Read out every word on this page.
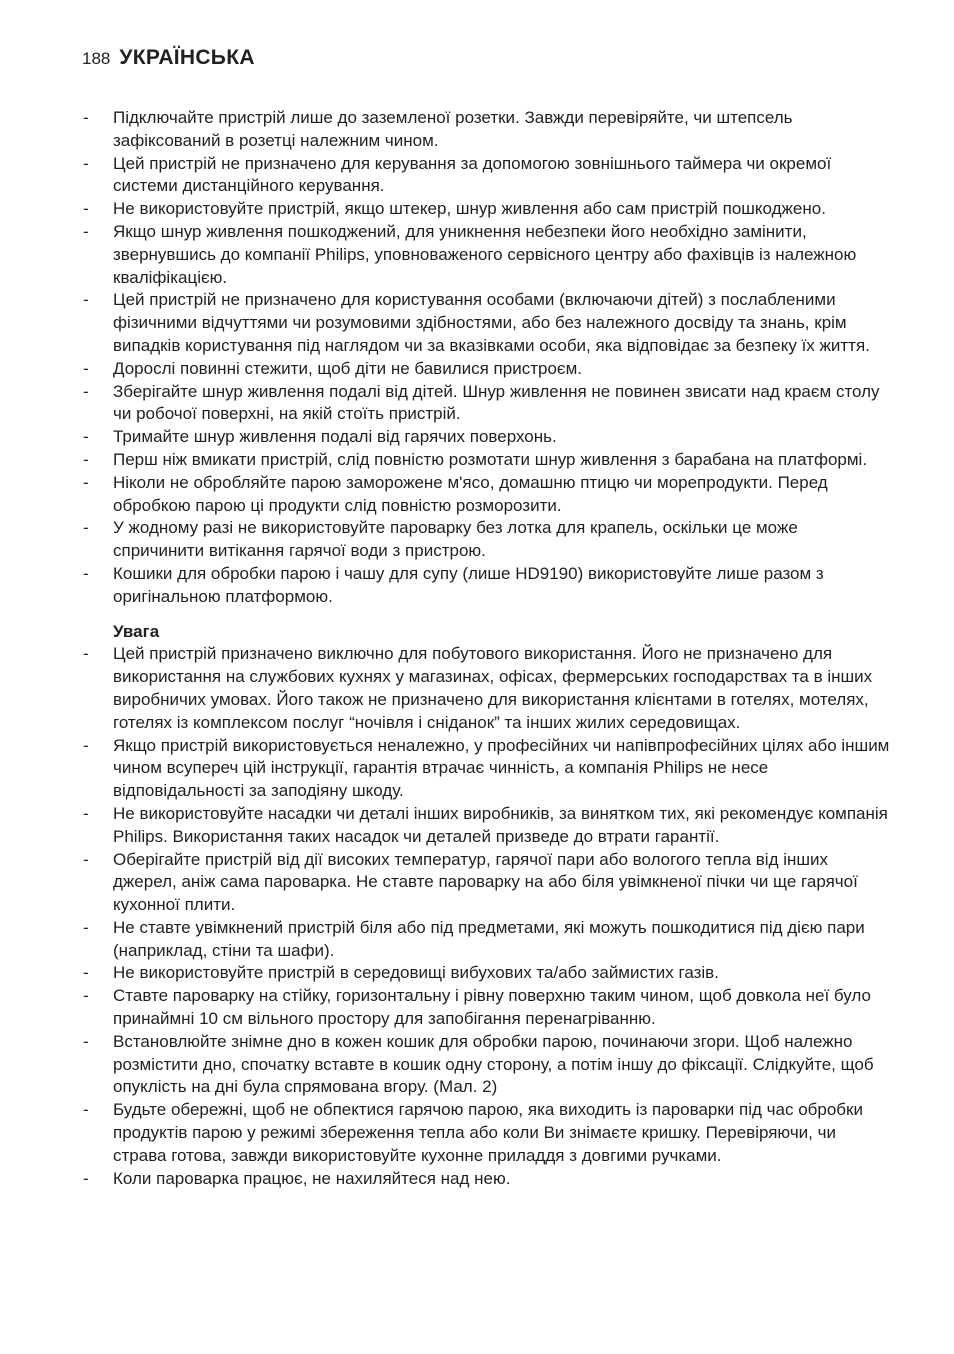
188 УКРАЇНСЬКА
- Підключайте пристрій лише до заземленої розетки. Завжди перевіряйте, чи штепсель зафіксований в розетці належним чином.
- Цей пристрій не призначено для керування за допомогою зовнішнього таймера чи окремої системи дистанційного керування.
- Не використовуйте пристрій, якщо штекер, шнур живлення або сам пристрій пошкоджено.
- Якщо шнур живлення пошкоджений, для уникнення небезпеки його необхідно замінити, звернувшись до компанії Philips, уповноваженого сервісного центру або фахівців із належною кваліфікацією.
- Цей пристрій не призначено для користування особами (включаючи дітей) з послабленими фізичними відчуттями чи розумовими здібностями, або без належного досвіду та знань, крім випадків користування під наглядом чи за вказівками особи, яка відповідає за безпеку їх життя.
- Дорослі повинні стежити, щоб діти не бавилися пристроєм.
- Зберігайте шнур живлення подалі від дітей. Шнур живлення не повинен звисати над краєм столу чи робочої поверхні, на якій стоїть пристрій.
- Тримайте шнур живлення подалі від гарячих поверхонь.
- Перш ніж вмикати пристрій, слід повністю розмотати шнур живлення з барабана на платформі.
- Ніколи не обробляйте парою заморожене м'ясо, домашню птицю чи морепродукти. Перед обробкою парою ці продукти слід повністю розморозити.
- У жодному разі не використовуйте пароварку без лотка для крапель, оскільки це може спричинити витікання гарячої води з пристрою.
- Кошики для обробки парою і чашу для супу (лише HD9190) використовуйте лише разом з оригінальною платформою.
Увага
- Цей пристрій призначено виключно для побутового використання. Його не призначено для використання на службових кухнях у магазинах, офісах, фермерських господарствах та в інших виробничих умовах. Його також не призначено для використання клієнтами в готелях, мотелях, готелях із комплексом послуг “ночівля і сніданок” та інших жилих середовищах.
- Якщо пристрій використовується неналежно, у професійних чи напівпрофесійних цілях або іншим чином всупереч цій інструкції, гарантія втрачає чинність, а компанія Philips не несе відповідальності за заподіяну шкоду.
- Не використовуйте насадки чи деталі інших виробників, за винятком тих, які рекомендує компанія Philips. Використання таких насадок чи деталей призведе до втрати гарантії.
- Оберігайте пристрій від дії високих температур, гарячої пари або вологого тепла від інших джерел, аніж сама пароварка. Не ставте пароварку на або біля увімкненої пічки чи ще гарячої кухонної плити.
- Не ставте увімкнений пристрій біля або під предметами, які можуть пошкодитися під дією пари (наприклад, стіни та шафи).
- Не використовуйте пристрій в середовищі вибухових та/або займистих газів.
- Ставте пароварку на стійку, горизонтальну і рівну поверхню таким чином, щоб довкола неї було принаймні 10 см вільного простору для запобігання перенагріванню.
- Встановлюйте знімне дно в кожен кошик для обробки парою, починаючи згори. Щоб належно розмістити дно, спочатку вставте в кошик одну сторону, а потім іншу до фіксації. Слідкуйте, щоб опуклість на дні була спрямована вгору. (Мал. 2)
- Будьте обережні, щоб не обпектися гарячою парою, яка виходить із пароварки під час обробки продуктів парою у режимі збереження тепла або коли Ви знімаєте кришку. Перевіряючи, чи страва готова, завжди використовуйте кухонне приладдя з довгими ручками.
- Коли пароварка працює, не нахиляйтеся над нею.
